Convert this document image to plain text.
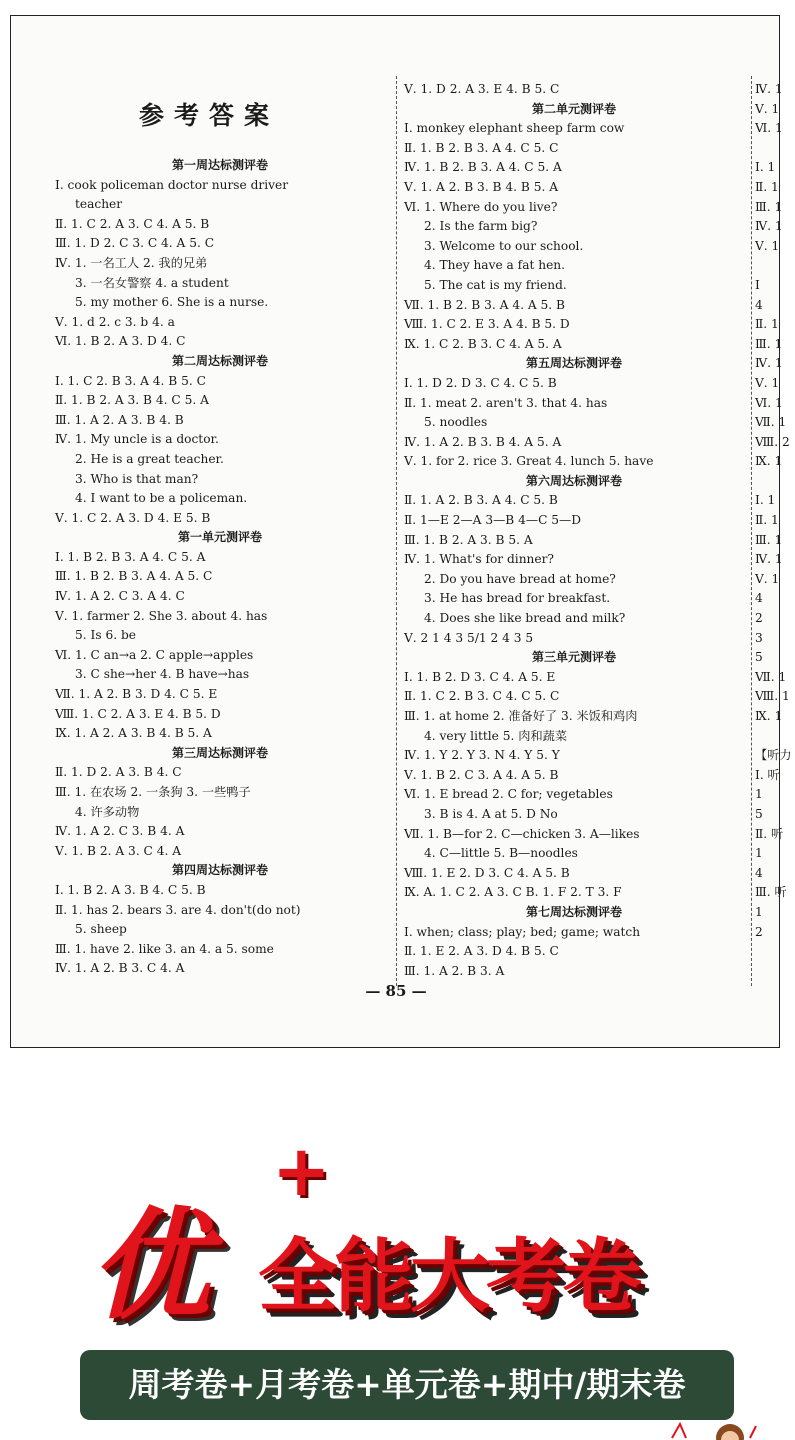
参考答案
第一周达标测评卷
Ⅰ. cook policeman doctor nurse driver
teacher
Ⅱ. 1. C 2. A 3. C 4. A 5. B
Ⅲ. 1. D 2. C 3. C 4. A 5. C
Ⅳ. 1. 一名工人 2. 我的兄弟
3. 一名女警察 4. a student
5. my mother 6. She is a nurse.
Ⅴ. 1. d 2. c 3. b 4. a
Ⅵ. 1. B 2. A 3. D 4. C
第二周达标测评卷
Ⅰ. 1. C 2. B 3. A 4. B 5. C
Ⅱ. 1. B 2. A 3. B 4. C 5. A
Ⅲ. 1. A 2. A 3. B 4. B
Ⅳ. 1. My uncle is a doctor.
2. He is a great teacher.
3. Who is that man?
4. I want to be a policeman.
Ⅴ. 1. C 2. A 3. D 4. E 5. B
第一单元测评卷
Ⅰ. 1. B 2. B 3. A 4. C 5. A
Ⅲ. 1. B 2. B 3. A 4. A 5. C
Ⅳ. 1. A 2. C 3. A 4. C
Ⅴ. 1. farmer 2. She 3. about 4. has
5. Is 6. be
Ⅵ. 1. C an→a 2. C apple→apples
3. C she→her 4. B have→has
Ⅶ. 1. A 2. B 3. D 4. C 5. E
Ⅷ. 1. C 2. A 3. E 4. B 5. D
Ⅸ. 1. A 2. A 3. B 4. B 5. A
第三周达标测评卷
Ⅱ. 1. D 2. A 3. B 4. C
Ⅲ. 1. 在农场 2. 一条狗 3. 一些鸭子
4. 许多动物
Ⅳ. 1. A 2. C 3. B 4. A
Ⅴ. 1. B 2. A 3. C 4. A
第四周达标测评卷
Ⅰ. 1. B 2. A 3. B 4. C 5. B
Ⅱ. 1. has 2. bears 3. are 4. don't(do not)
5. sheep
Ⅲ. 1. have 2. like 3. an 4. a 5. some
Ⅳ. 1. A 2. B 3. C 4. A
Ⅴ. 1. D 2. A 3. E 4. B 5. C
第二单元测评卷
Ⅰ. monkey elephant sheep farm cow
Ⅱ. 1. B 2. B 3. A 4. C 5. C
Ⅳ. 1. B 2. B 3. A 4. C 5. A
Ⅴ. 1. A 2. B 3. B 4. B 5. A
Ⅵ. 1. Where do you live?
2. Is the farm big?
3. Welcome to our school.
4. They have a fat hen.
5. The cat is my friend.
Ⅶ. 1. B 2. B 3. A 4. A 5. B
Ⅷ. 1. C 2. E 3. A 4. B 5. D
Ⅸ. 1. C 2. B 3. C 4. A 5. A
第五周达标测评卷
Ⅰ. 1. D 2. D 3. C 4. C 5. B
Ⅱ. 1. meat 2. aren't 3. that 4. has
5. noodles
Ⅳ. 1. A 2. B 3. B 4. A 5. A
Ⅴ. 1. for 2. rice 3. Great 4. lunch 5. have
第六周达标测评卷
Ⅱ. 1. A 2. B 3. A 4. C 5. B
Ⅱ. 1—E 2—A 3—B 4—C 5—D
Ⅲ. 1. B 2. A 3. B 5. A
Ⅳ. 1. What's for dinner?
2. Do you have bread at home?
3. He has bread for breakfast.
4. Does she like bread and milk?
Ⅴ. 2 1 4 3 5/1 2 4 3 5
第三单元测评卷
Ⅰ. 1. B 2. D 3. C 4. A 5. E
Ⅱ. 1. C 2. B 3. C 4. C 5. C
Ⅲ. 1. at home 2. 准备好了 3. 米饭和鸡肉
4. very little 5. 肉和蔬菜
Ⅳ. 1. Y 2. Y 3. N 4. Y 5. Y
Ⅴ. 1. B 2. C 3. A 4. A 5. B
Ⅵ. 1. E bread 2. C for; vegetables
3. B is 4. A at 5. D No
Ⅶ. 1. B—for 2. C—chicken 3. A—likes
4. C—little 5. B—noodles
Ⅷ. 1. E 2. D 3. C 4. A 5. B
Ⅸ. A. 1. C 2. A 3. C B. 1. F 2. T 3. F
第七周达标测评卷
Ⅰ. when; class; play; bed; game; watch
Ⅱ. 1. E 2. A 3. D 4. B 5. C
Ⅲ. 1. A 2. B 3. A
Ⅳ. 1
Ⅴ. 1
Ⅵ. 1
Ⅰ. 1
Ⅱ. 1
Ⅲ. 1
Ⅳ. 1
Ⅴ. 1
Ⅰ
4
Ⅱ. 1
Ⅲ. 1
Ⅳ. 1
Ⅴ. 1
Ⅵ. 1
Ⅶ. 1
Ⅷ. 2
Ⅸ. 1
Ⅰ. 1
Ⅱ. 1
Ⅲ. 1
Ⅳ. 1
Ⅴ. 1
4
2
3
5
Ⅶ. 1
Ⅷ. 1
Ⅸ. 1
【听力
Ⅰ. 听
1
5
Ⅱ. 听
1
4
Ⅲ. 听
1
2
— 85 —
优
+
全能大考卷
周考卷+月考卷+单元卷+期中/期末卷
